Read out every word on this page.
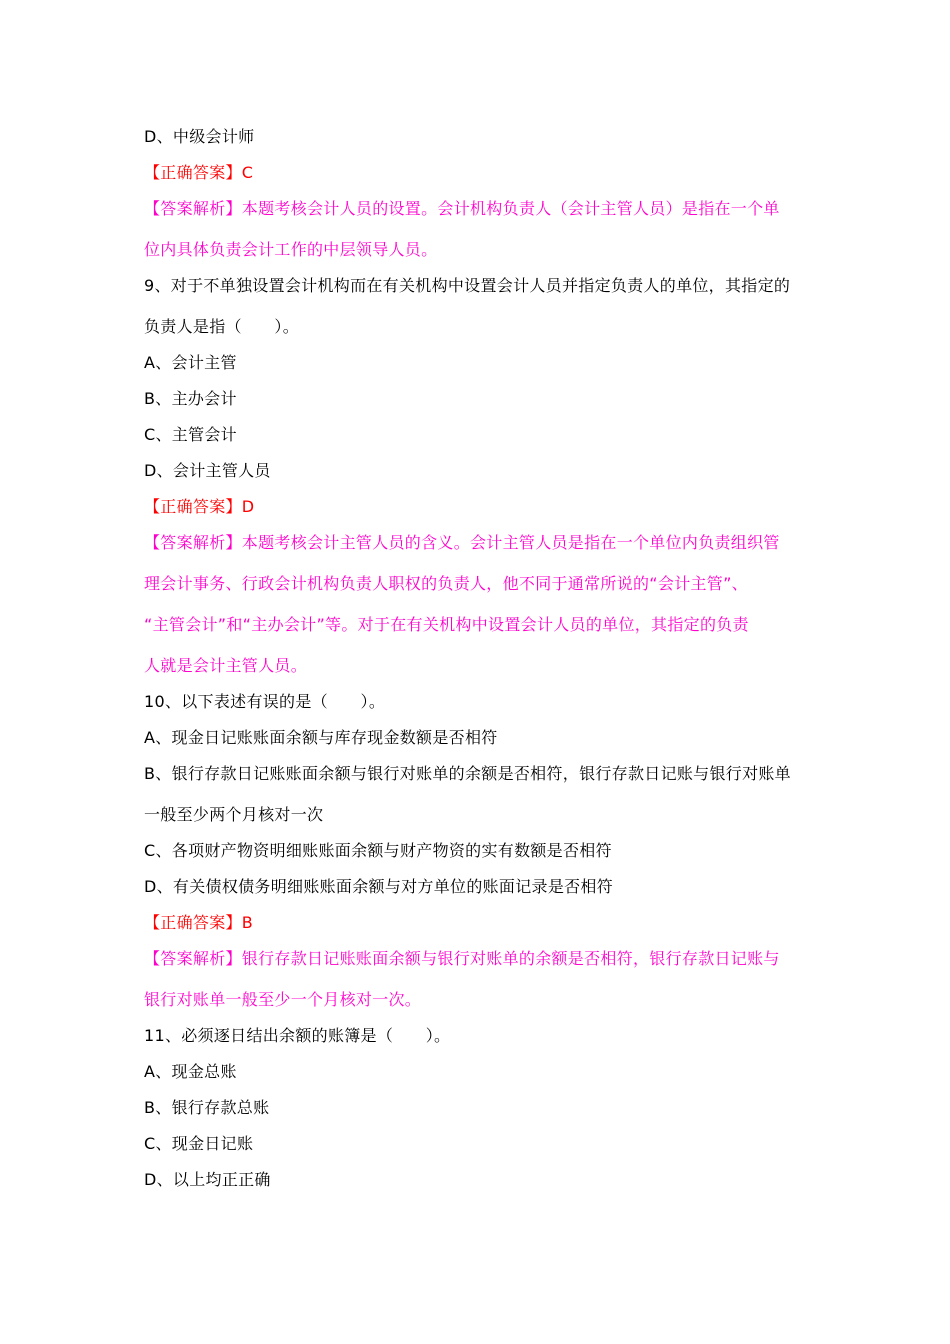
D、中级会计师
【正确答案】C
【答案解析】本题考核会计人员的设置。会计机构负责人（会计主管人员）是指在一个单
位内具体负责会计工作的中层领导人员。
9、对于不单独设置会计机构而在有关机构中设置会计人员并指定负责人的单位，其指定的
负责人是指（　　）。
A、会计主管
B、主办会计
C、主管会计
D、会计主管人员
【正确答案】D
【答案解析】本题考核会计主管人员的含义。会计主管人员是指在一个单位内负责组织管
理会计事务、行政会计机构负责人职权的负责人，他不同于通常所说的“会计主管”、
“主管会计”和“主办会计”等。对于在有关机构中设置会计人员的单位，其指定的负责
人就是会计主管人员。
10、以下表述有误的是（　　）。
A、现金日记账账面余额与库存现金数额是否相符
B、银行存款日记账账面余额与银行对账单的余额是否相符，银行存款日记账与银行对账单
一般至少两个月核对一次
C、各项财产物资明细账账面余额与财产物资的实有数额是否相符
D、有关债权债务明细账账面余额与对方单位的账面记录是否相符
【正确答案】B
【答案解析】银行存款日记账账面余额与银行对账单的余额是否相符，银行存款日记账与
银行对账单一般至少一个月核对一次。
11、必须逐日结出余额的账簿是（　　）。
A、现金总账
B、银行存款总账
C、现金日记账
D、以上均正正确
